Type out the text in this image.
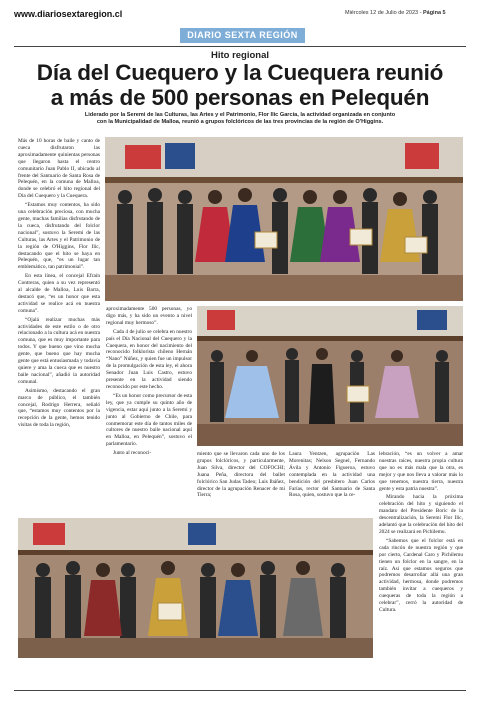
www.diariosextaregion.cl	Miércoles 12 de Julio de 2023 - Página 5
DIARIO SEXTA REGIÓN
Hito regional
Día del Cuequero y la Cuequera reunió
a más de 500 personas en Pelequén
Liderado por la Seremi de las Culturas, las Artes y el Patrimonio, Flor Ilic García, la actividad organizada en conjunto
con la Municipalidad de Malloa, reunió a grupos folclóricos de las tres provincias de la región de O'Higgins.

Más de 10 horas de baile y canto de cueca disfrutaron las aproximadamente quinientas personas que llegaron hasta el centro comunitario Juan Pablo II, ubicado al frente del Santuario de Santa Rosa de Pelequén, en la comuna de Malloa, donde se celebró el hito regional del Día del Cuequero y la Cuequera.

“Estamos muy contentos, ha sido una celebración preciosa, con mucha gente, muchas familias disfrutando de la cueca, disfrutando del folclor nacional”, sostuvo la Seremi de las Culturas, las Artes y el Patrimonio de la región de O'Higgins, Flor Ilic, destacando que el hito se haya en Pelequén, que, “es un lugar tan emblemático, tan patrimonial”.

En esta línea, el concejal Efraín Contreras, quien a su vez representó al alcalde de Malloa, Luis Barra, destacó que, “es un honor que esta actividad se realice acá en nuestra comuna”.

“Ojalá realizar muchas más actividades de este estilo o de otro relacionado a la cultura acá en nuestra comuna, que es muy importante para todos. Y que bueno que vino mucha gente, que bueno que hay mucha gente que está entusiasmada y todavía quiere y ama la cueca que es nuestro baile nacional”, añadió la autoridad comunal.

Asimismo, destacando el gran marco de público, el también concejal, Rodrigo Herrera, señaló que, “estamos muy contentos por la recepción de la gente, hemos tenido visitas de toda la región,

aproximadamente 500 personas, yo digo más, y ha sido un evento a nivel regional muy hermoso”.

Cada 4 de julio se celebra en nuestro país el Día Nacional del Cuequero y la Cuequera, en honor del nacimiento del reconocido folklorista chileno Hernán “Nano” Núñez, y quien fue un impulsor de la promulgación de esta ley, el ahora Senador Juan Luis Castro, estuvo presente en la actividad siendo reconocido por este hecho.

“Es un honor como precursor de esta ley, que ya cumple su quinto año de vigencia, estar aquí junto a la Seremi y junto al Gobierno de Chile, para conmemorar este día de tantos miles de cultores de nuestro baile nacional aquí en Malloa, en Pelequén”, sostuvo el parlamentario.

Junto al reconoci-	miento que se llevaron cada uno de los grupos folclóricos, y particularmente, Juan Silva, director del COFOCHI; Juana Peña, directora del ballet folclórico San Judas Tadeo; Luis Ibáñez, director de la agrupación Renacer de mi Tierra;

Laura Yentzen, agrupación Las Morenitas; Nelson Segnel, Fernando Ávila y Antonio Figueroa, estuvo contemplada en la actividad una bendición del presbítero Juan Carlos Farías, rector del Santuario de Santa Rosa, quien, sostuvo que la ce-

lebración, “es un volver a amar nuestras raíces, nuestra propia cultura que no es más mala que la otra, es mejor y que nos lleva a valorar más lo que tenemos, nuestra tierra, nuestra gente y esta patria nuestra”.

Mirando hacia la próxima celebración del hito y siguiendo el mandato del Presidente Boric de la descentralización, la Seremi Flor Ilic, adelantó que la celebración del hito del 2024 se realizará en Pichilemu.

“Sabemos que el folclor está en cada rincón de nuestra región y que por cierto, Cardenal Caro y Pichilemu tienen un folclor en la sangre, en la raíz. Así que estamos seguros que podremos desarrollar allá una gran actividad, hermosa, donde podremos también invitar a cuequeros y cuequeras de toda la región a celebrar”, cerró la autoridad de Cultura.
